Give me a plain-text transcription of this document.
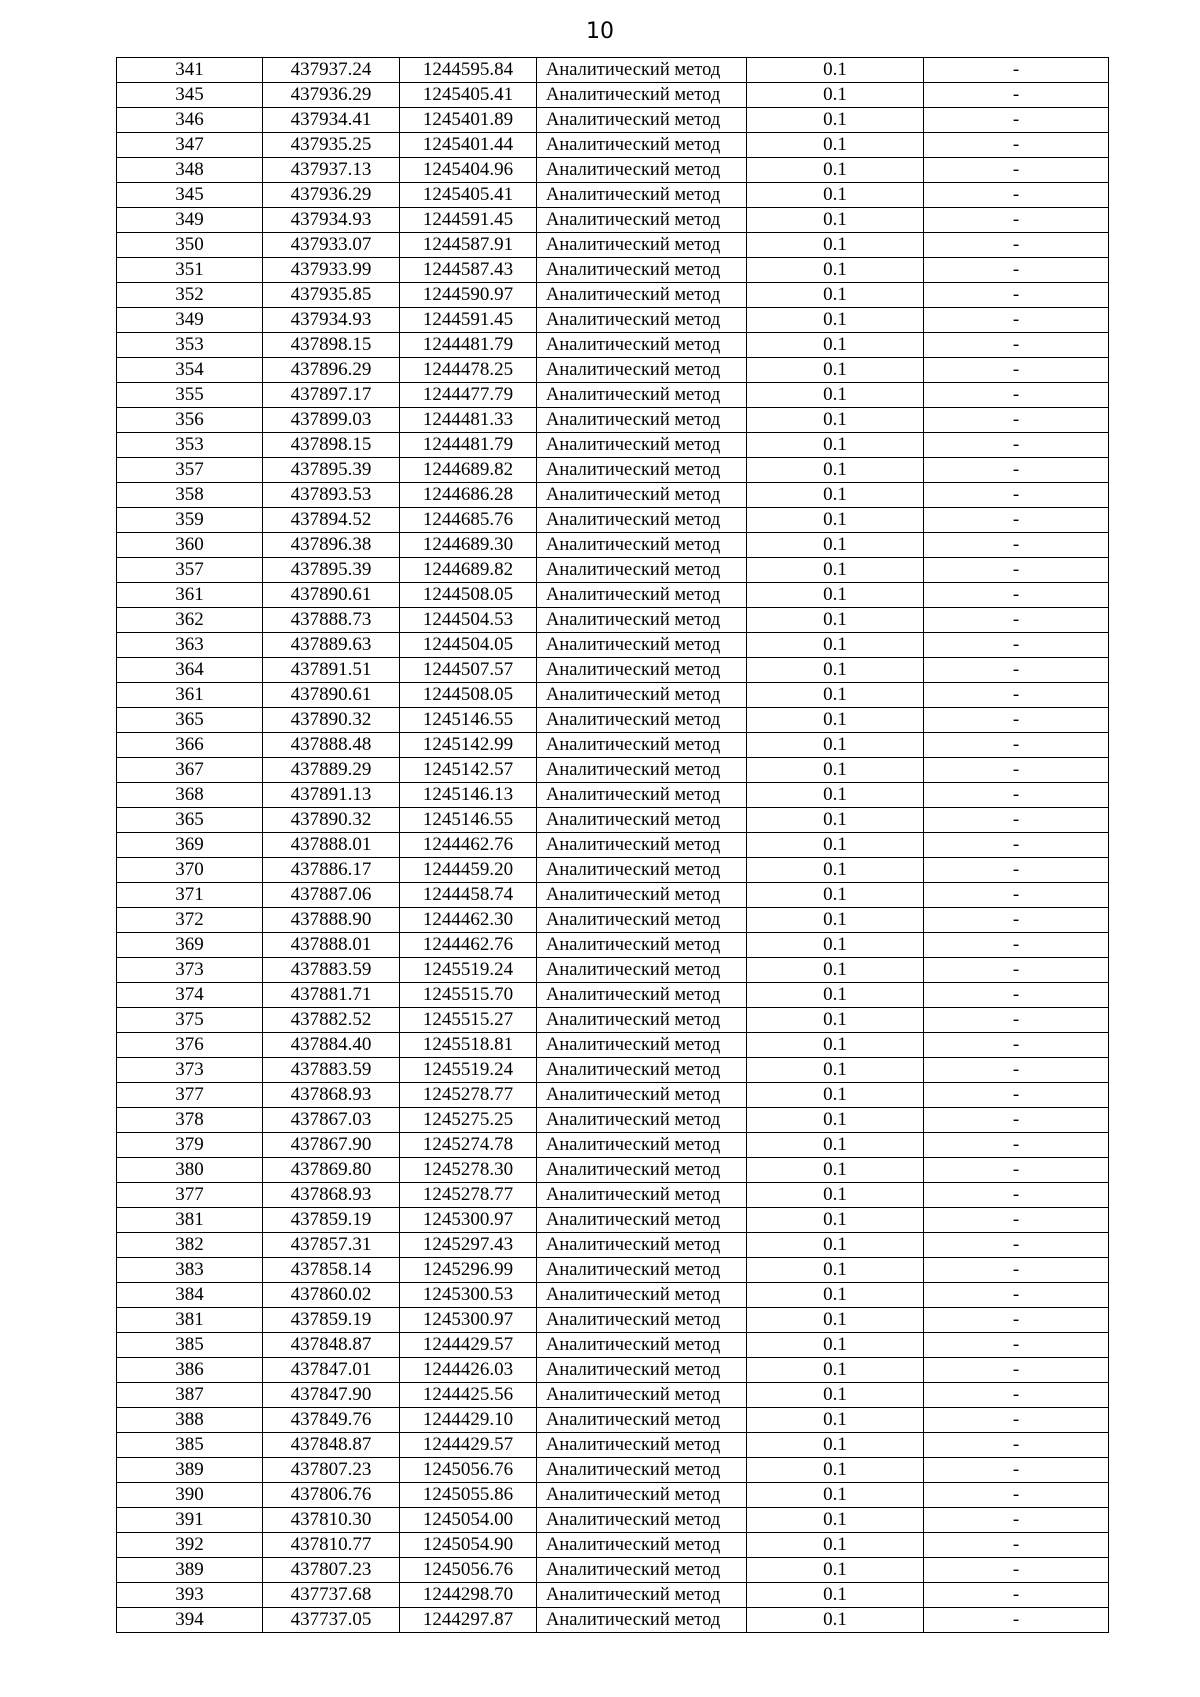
10
341	437937.24	1244595.84	Аналитический метод	0.1	-
345	437936.29	1245405.41	Аналитический метод	0.1	-
346	437934.41	1245401.89	Аналитический метод	0.1	-
347	437935.25	1245401.44	Аналитический метод	0.1	-
348	437937.13	1245404.96	Аналитический метод	0.1	-
345	437936.29	1245405.41	Аналитический метод	0.1	-
349	437934.93	1244591.45	Аналитический метод	0.1	-
350	437933.07	1244587.91	Аналитический метод	0.1	-
351	437933.99	1244587.43	Аналитический метод	0.1	-
352	437935.85	1244590.97	Аналитический метод	0.1	-
349	437934.93	1244591.45	Аналитический метод	0.1	-
353	437898.15	1244481.79	Аналитический метод	0.1	-
354	437896.29	1244478.25	Аналитический метод	0.1	-
355	437897.17	1244477.79	Аналитический метод	0.1	-
356	437899.03	1244481.33	Аналитический метод	0.1	-
353	437898.15	1244481.79	Аналитический метод	0.1	-
357	437895.39	1244689.82	Аналитический метод	0.1	-
358	437893.53	1244686.28	Аналитический метод	0.1	-
359	437894.52	1244685.76	Аналитический метод	0.1	-
360	437896.38	1244689.30	Аналитический метод	0.1	-
357	437895.39	1244689.82	Аналитический метод	0.1	-
361	437890.61	1244508.05	Аналитический метод	0.1	-
362	437888.73	1244504.53	Аналитический метод	0.1	-
363	437889.63	1244504.05	Аналитический метод	0.1	-
364	437891.51	1244507.57	Аналитический метод	0.1	-
361	437890.61	1244508.05	Аналитический метод	0.1	-
365	437890.32	1245146.55	Аналитический метод	0.1	-
366	437888.48	1245142.99	Аналитический метод	0.1	-
367	437889.29	1245142.57	Аналитический метод	0.1	-
368	437891.13	1245146.13	Аналитический метод	0.1	-
365	437890.32	1245146.55	Аналитический метод	0.1	-
369	437888.01	1244462.76	Аналитический метод	0.1	-
370	437886.17	1244459.20	Аналитический метод	0.1	-
371	437887.06	1244458.74	Аналитический метод	0.1	-
372	437888.90	1244462.30	Аналитический метод	0.1	-
369	437888.01	1244462.76	Аналитический метод	0.1	-
373	437883.59	1245519.24	Аналитический метод	0.1	-
374	437881.71	1245515.70	Аналитический метод	0.1	-
375	437882.52	1245515.27	Аналитический метод	0.1	-
376	437884.40	1245518.81	Аналитический метод	0.1	-
373	437883.59	1245519.24	Аналитический метод	0.1	-
377	437868.93	1245278.77	Аналитический метод	0.1	-
378	437867.03	1245275.25	Аналитический метод	0.1	-
379	437867.90	1245274.78	Аналитический метод	0.1	-
380	437869.80	1245278.30	Аналитический метод	0.1	-
377	437868.93	1245278.77	Аналитический метод	0.1	-
381	437859.19	1245300.97	Аналитический метод	0.1	-
382	437857.31	1245297.43	Аналитический метод	0.1	-
383	437858.14	1245296.99	Аналитический метод	0.1	-
384	437860.02	1245300.53	Аналитический метод	0.1	-
381	437859.19	1245300.97	Аналитический метод	0.1	-
385	437848.87	1244429.57	Аналитический метод	0.1	-
386	437847.01	1244426.03	Аналитический метод	0.1	-
387	437847.90	1244425.56	Аналитический метод	0.1	-
388	437849.76	1244429.10	Аналитический метод	0.1	-
385	437848.87	1244429.57	Аналитический метод	0.1	-
389	437807.23	1245056.76	Аналитический метод	0.1	-
390	437806.76	1245055.86	Аналитический метод	0.1	-
391	437810.30	1245054.00	Аналитический метод	0.1	-
392	437810.77	1245054.90	Аналитический метод	0.1	-
389	437807.23	1245056.76	Аналитический метод	0.1	-
393	437737.68	1244298.70	Аналитический метод	0.1	-
394	437737.05	1244297.87	Аналитический метод	0.1	-
